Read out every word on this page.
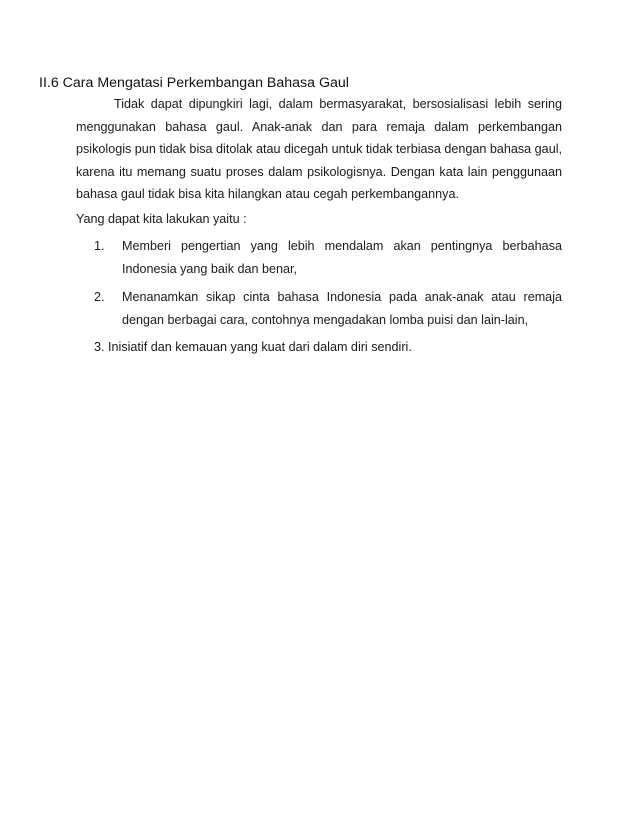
II.6 Cara Mengatasi Perkembangan Bahasa Gaul

Tidak dapat dipungkiri lagi, dalam bermasyarakat, bersosialisasi lebih sering menggunakan bahasa gaul. Anak-anak dan para remaja dalam perkembangan psikologis pun tidak bisa ditolak atau dicegah untuk tidak terbiasa dengan bahasa gaul, karena itu memang suatu proses dalam psikologisnya. Dengan kata lain penggunaan bahasa gaul tidak bisa kita hilangkan atau cegah perkembangannya.

Yang dapat kita lakukan yaitu :

1. Memberi pengertian yang lebih mendalam akan pentingnya berbahasa Indonesia yang baik dan benar,
2. Menanamkan sikap cinta bahasa Indonesia pada anak-anak atau remaja dengan berbagai cara, contohnya mengadakan lomba puisi dan lain-lain,
3. Inisiatif dan kemauan yang kuat dari dalam diri sendiri.
